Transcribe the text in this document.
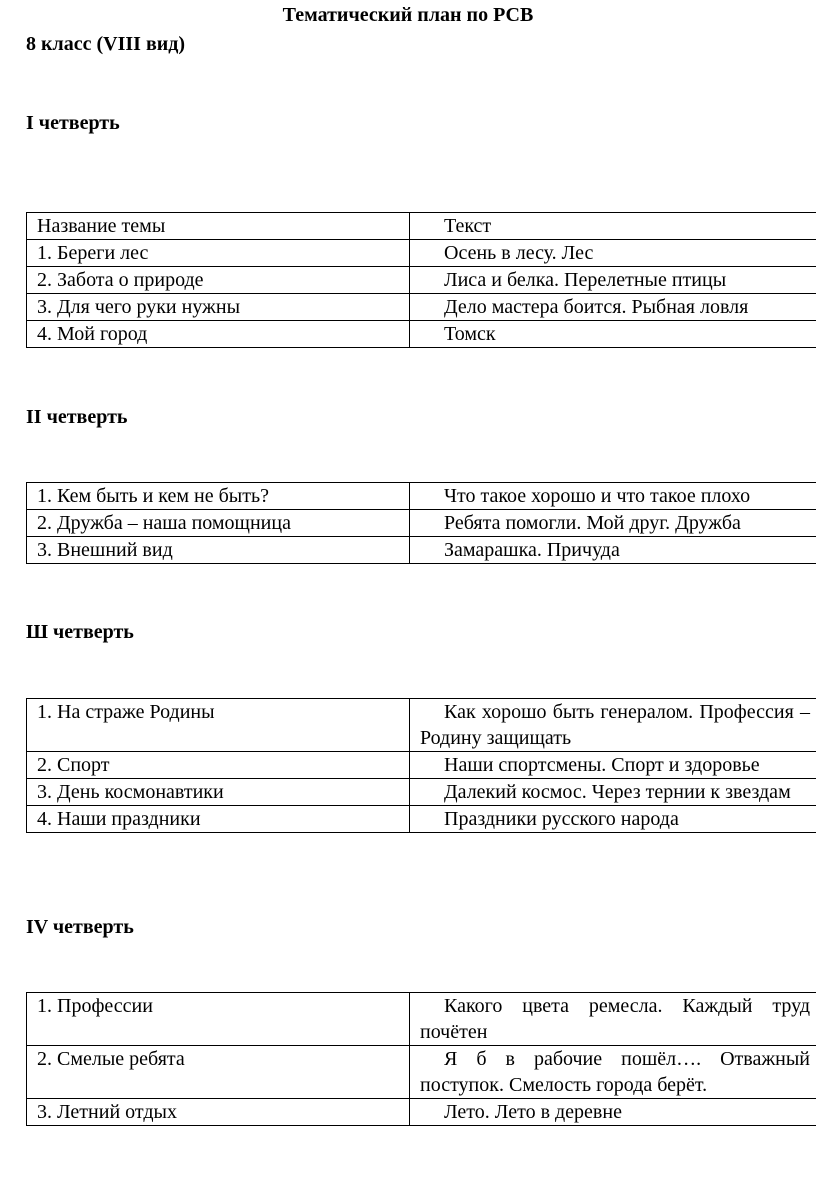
Тематический план по РСВ
8 класс (VIII вид)
I четверть
Название темы	Текст
1. Береги лес	Осень в лесу. Лес
2. Забота о природе	Лиса и белка. Перелетные птицы
3. Для чего руки нужны	Дело мастера боится. Рыбная ловля
4. Мой город	Томск
II четверть
1. Кем быть и кем не быть?	Что такое хорошо и что такое плохо
2. Дружба – наша помощница	Ребята помогли. Мой друг. Дружба
3. Внешний вид	Замарашка. Причуда
Ш четверть
1. На страже Родины	Как хорошо быть генералом. Профессия – Родину защищать
2. Спорт	Наши спортсмены. Спорт и здоровье
3. День космонавтики	Далекий космос. Через тернии к звездам
4. Наши праздники	Праздники русского народа
IV четверть
1. Профессии	Какого цвета ремесла. Каждый труд почётен
2. Смелые ребята	Я б в рабочие пошёл…. Отважный поступок. Смелость города берёт.
3. Летний отдых	Лето. Лето в деревне
